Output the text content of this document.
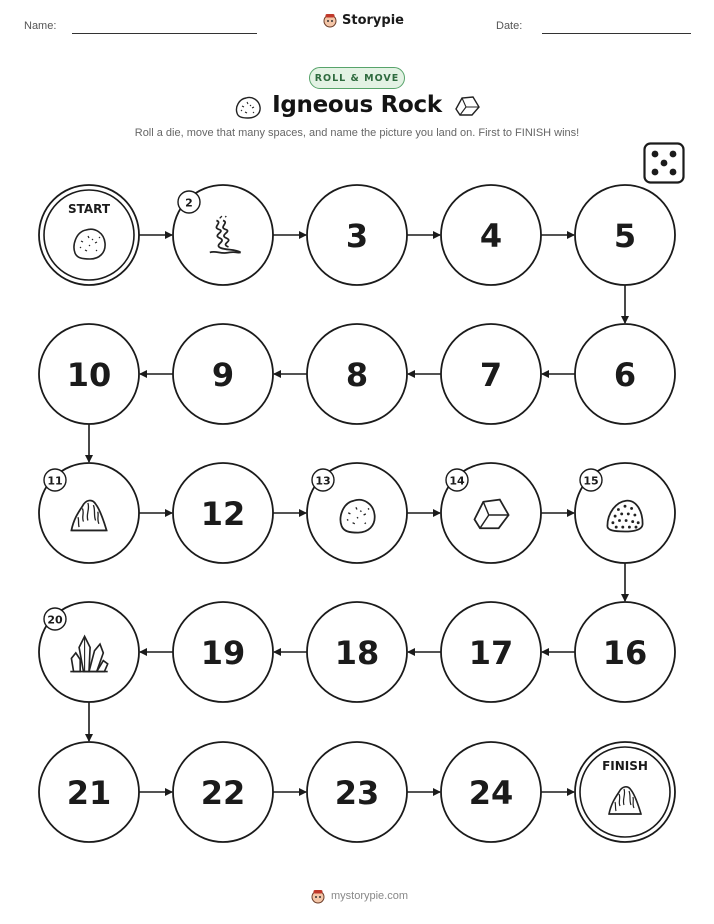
Name:	Date:
Storypie
ROLL & MOVE
Igneous Rock
Roll a die, move that many spaces, and name the picture you land on. First to FINISH wins!
START	2
3	4	5
6
7
8
9
10
11
12
13	14	15
16
17
18
19
20
21	22	23	24
FINISH
mystorypie.com
